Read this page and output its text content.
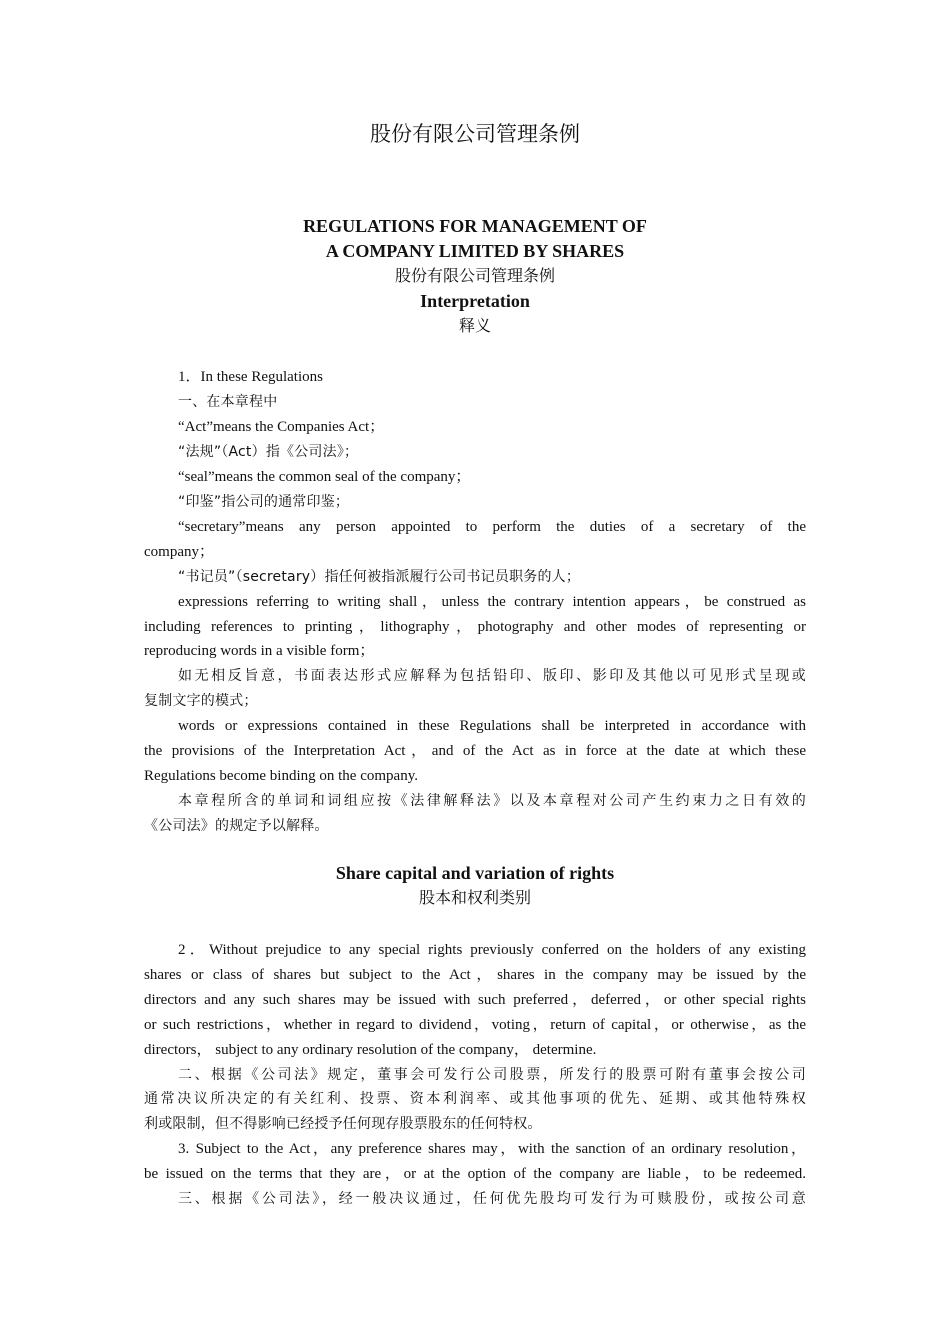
股份有限公司管理条例
REGULATIONS FOR MANAGEMENT OF
A COMPANY LIMITED BY SHARES
股份有限公司管理条例
Interpretation
释义
1．In these Regulations
一、在本章程中
“Act”means the Companies Act；
“法规”（Act）指《公司法》；
“seal”means the common seal of the company；
“印鉴”指公司的通常印鉴；
“secretary”means any person appointed to perform the duties of a secretary of the
company；
“书记员”（secretary）指任何被指派履行公司书记员职务的人；
expressions referring to writing shall，unless the contrary intention appears，be construed as
including references to printing，lithography，photography and other modes of representing or
reproducing words in a visible form；
如无相反旨意，书面表达形式应解释为包括铅印、版印、影印及其他以可见形式呈现或
复制文字的模式；
words or expressions contained in these Regulations shall be interpreted in accordance with
the provisions of the Interpretation Act，and of the Act as in force at the date at which these
Regulations become binding on the company.
本章程所含的单词和词组应按《法律解释法》以及本章程对公司产生约束力之日有效的
《公司法》的规定予以解释。
Share capital and variation of rights
股本和权利类别
2．Without prejudice to any special rights previously conferred on the holders of any existing
shares or class of shares but subject to the Act，shares in the company may be issued by the
directors and any such shares may be issued with such preferred，deferred，or other special rights
or such restrictions，whether in regard to dividend，voting，return of capital，or otherwise，as the
directors， subject to any ordinary resolution of the company， determine.
二、根据《公司法》规定，董事会可发行公司股票，所发行的股票可附有董事会按公司
通常决议所决定的有关红利、投票、资本利润率、或其他事项的优先、延期、或其他特殊权
利或限制，但不得影响已经授予任何现存股票股东的任何特权。
3. Subject to the Act，any preference shares may，with the sanction of an ordinary resolution，
be issued on the terms that they are，or at the option of the company are liable，to be redeemed.
三、根据《公司法》，经一般决议通过，任何优先股均可发行为可赎股份，或按公司意
